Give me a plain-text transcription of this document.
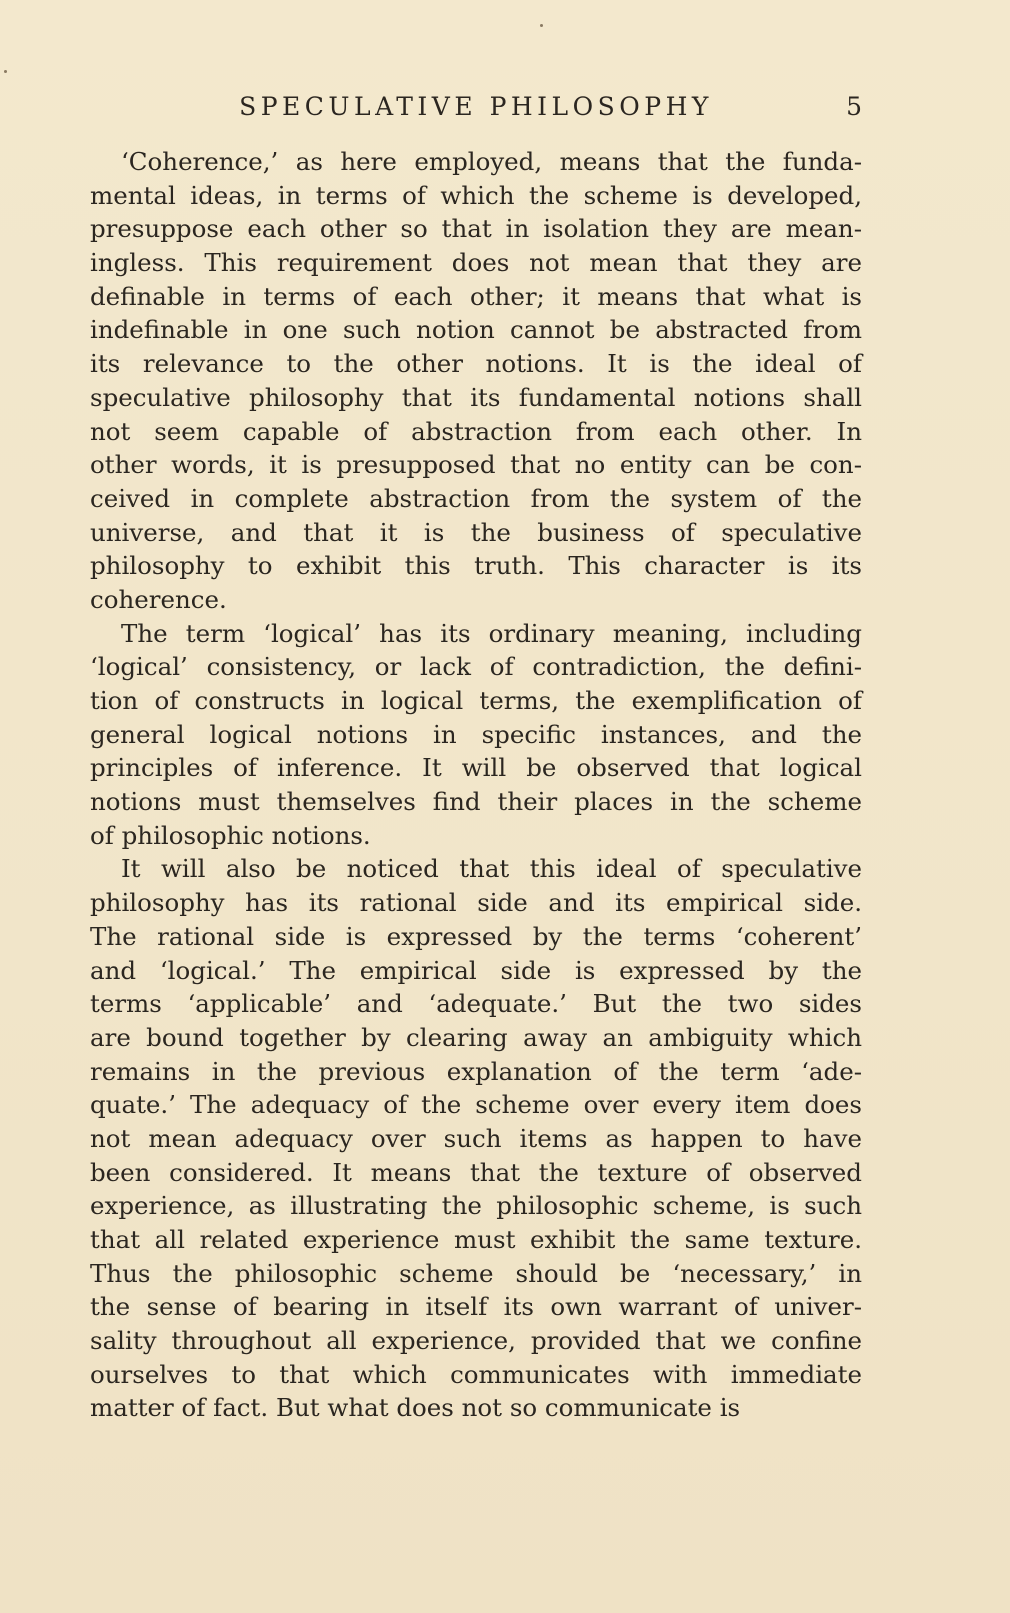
SPECULATIVE PHILOSOPHY	5
‘Coherence,’ as here employed, means that the funda-
mental ideas, in terms of which the scheme is developed,
presuppose each other so that in isolation they are mean-
ingless. This requirement does not mean that they are
definable in terms of each other; it means that what is
indefinable in one such notion cannot be abstracted from
its relevance to the other notions. It is the ideal of
speculative philosophy that its fundamental notions shall
not seem capable of abstraction from each other. In
other words, it is presupposed that no entity can be con-
ceived in complete abstraction from the system of the
universe, and that it is the business of speculative
philosophy to exhibit this truth. This character is its
coherence.
The term ‘logical’ has its ordinary meaning, including
‘logical’ consistency, or lack of contradiction, the defini-
tion of constructs in logical terms, the exemplification of
general logical notions in specific instances, and the
principles of inference. It will be observed that logical
notions must themselves find their places in the scheme
of philosophic notions.
It will also be noticed that this ideal of speculative
philosophy has its rational side and its empirical side.
The rational side is expressed by the terms ‘coherent’
and ‘logical.’ The empirical side is expressed by the
terms ‘applicable’ and ‘adequate.’ But the two sides
are bound together by clearing away an ambiguity which
remains in the previous explanation of the term ‘ade-
quate.’ The adequacy of the scheme over every item does
not mean adequacy over such items as happen to have
been considered. It means that the texture of observed
experience, as illustrating the philosophic scheme, is such
that all related experience must exhibit the same texture.
Thus the philosophic scheme should be ‘necessary,’ in
the sense of bearing in itself its own warrant of univer-
sality throughout all experience, provided that we confine
ourselves to that which communicates with immediate
matter of fact. But what does not so communicate is
